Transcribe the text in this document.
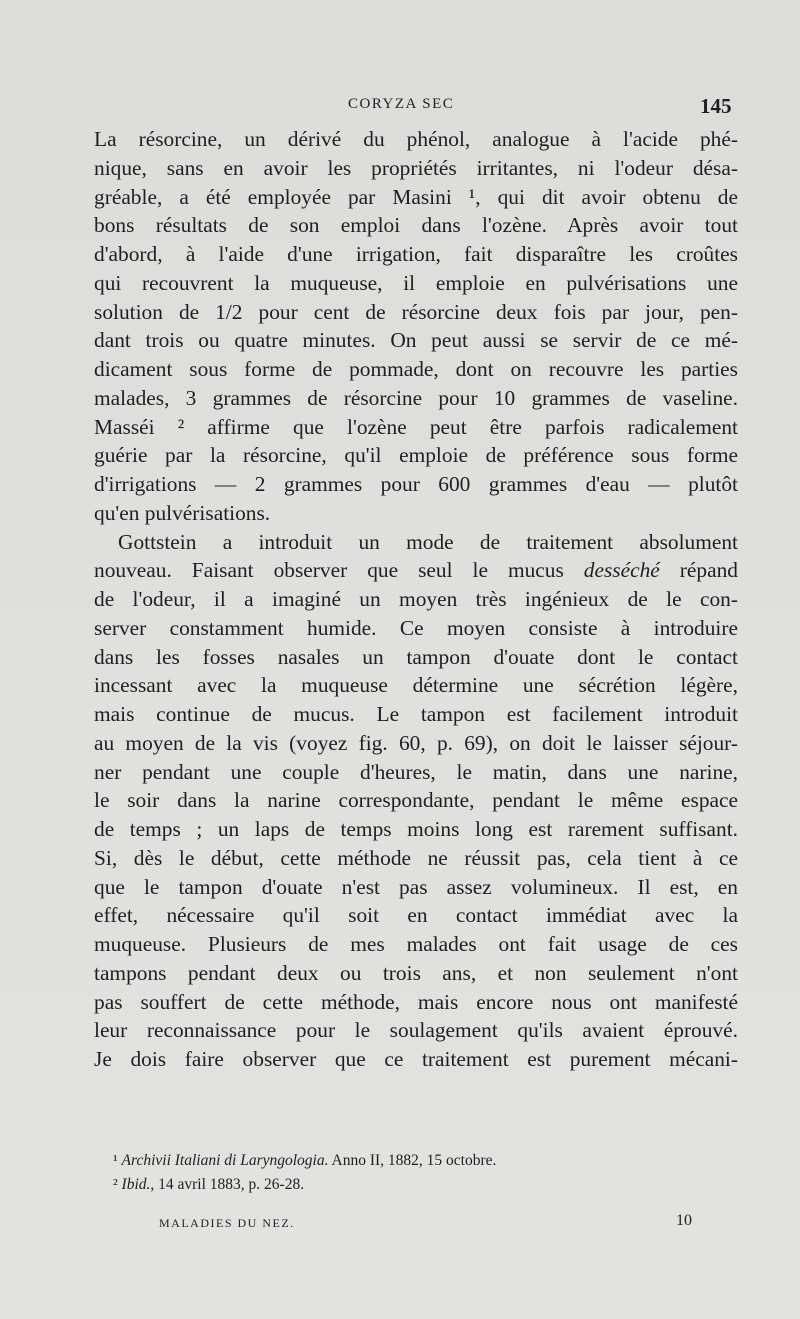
CORYZA SEC	145
La résorcine, un dérivé du phénol, analogue à l'acide phé-
nique, sans en avoir les propriétés irritantes, ni l'odeur désa-
gréable, a été employée par Masini ¹, qui dit avoir obtenu de
bons résultats de son emploi dans l'ozène. Après avoir tout
d'abord, à l'aide d'une irrigation, fait disparaître les croûtes
qui recouvrent la muqueuse, il emploie en pulvérisations une
solution de 1/2 pour cent de résorcine deux fois par jour, pen-
dant trois ou quatre minutes. On peut aussi se servir de ce mé-
dicament sous forme de pommade, dont on recouvre les parties
malades, 3 grammes de résorcine pour 10 grammes de vaseline.
Masséi ² affirme que l'ozène peut être parfois radicalement
guérie par la résorcine, qu'il emploie de préférence sous forme
d'irrigations — 2 grammes pour 600 grammes d'eau — plutôt
qu'en pulvérisations.
Gottstein a introduit un mode de traitement absolument
nouveau. Faisant observer que seul le mucus desséché répand
de l'odeur, il a imaginé un moyen très ingénieux de le con-
server constamment humide. Ce moyen consiste à introduire
dans les fosses nasales un tampon d'ouate dont le contact
incessant avec la muqueuse détermine une sécrétion légère,
mais continue de mucus. Le tampon est facilement introduit
au moyen de la vis (voyez fig. 60, p. 69), on doit le laisser séjour-
ner pendant une couple d'heures, le matin, dans une narine,
le soir dans la narine correspondante, pendant le même espace
de temps ; un laps de temps moins long est rarement suffisant.
Si, dès le début, cette méthode ne réussit pas, cela tient à ce
que le tampon d'ouate n'est pas assez volumineux. Il est, en
effet, nécessaire qu'il soit en contact immédiat avec la
muqueuse. Plusieurs de mes malades ont fait usage de ces
tampons pendant deux ou trois ans, et non seulement n'ont
pas souffert de cette méthode, mais encore nous ont manifesté
leur reconnaissance pour le soulagement qu'ils avaient éprouvé.
Je dois faire observer que ce traitement est purement mécani-
¹ Archivii Italiani di Laryngologia. Anno II, 1882, 15 octobre.
² Ibid., 14 avril 1883, p. 26-28.
MALADIES DU NEZ.	10
